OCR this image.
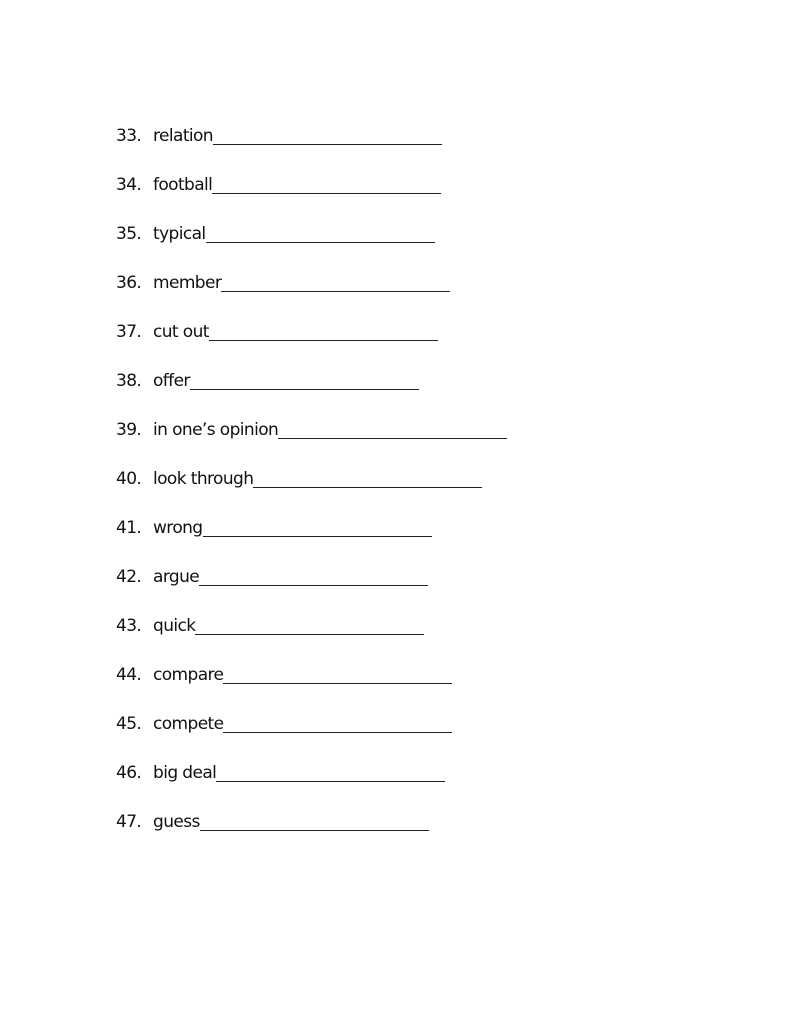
33. relation
34. football
35. typical
36. member
37. cut out
38. offer
39. in one’s opinion
40. look through
41. wrong
42. argue
43. quick
44. compare
45. compete
46. big deal
47. guess
